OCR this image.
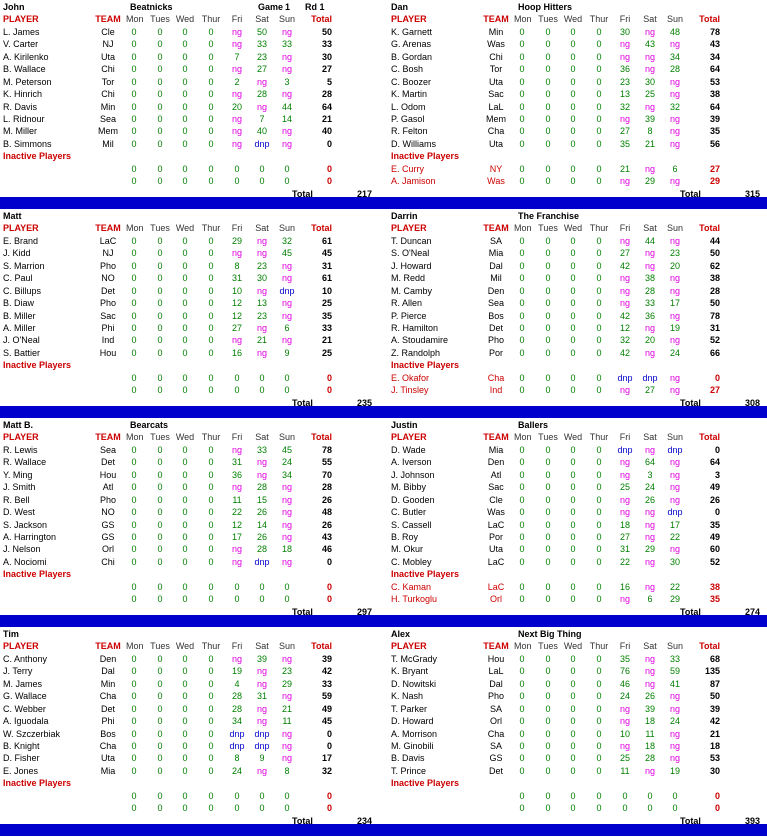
John	Beatnicks	Game 1 Rd 1
PLAYER	TEAM Mon Tues Wed Thur	Fri	Sat	Sun	Total
L. James	Cle	0	0	0	0	ng	50	ng	50
V. Carter	NJ	0	0	0	0	ng	33	33	33
A. Kirilenko	Uta	0	0	0	0	7	23	ng	30
B. Wallace	Chi	0	0	0	0	ng	27	ng	27
M. Peterson	Tor	0	0	0	0	2	ng	3	5
K. Hinrich	Chi	0	0	0	0	ng	28	ng	28
R. Davis	Min	0	0	0	0	20	ng	44	64
L. Ridnour	Sea	0	0	0	0	ng	7	14	21
M. Miller	Mem	0	0	0	0	ng	40	ng	40
B. Simmons	Mil	0	0	0	0	ng	dnp	ng	0
Inactive Players
0	0	0	0	0	0	0	0
0	0	0	0	0	0	0	0
Total	217
Dan	Hoop Hitters
PLAYER	TEAM Mon Tues Wed Thur	Fri	Sat	Sun	Total
K. Garnett	Min	0	0	0	0	30	ng	48	78
G. Arenas	Was	0	0	0	0	ng	43	ng	43
B. Gordan	Chi	0	0	0	0	ng	ng	34	34
C. Bosh	Tor	0	0	0	0	36	ng	28	64
C. Boozer	Uta	0	0	0	0	23	30	ng	53
K. Martin	Sac	0	0	0	0	13	25	ng	38
L. Odom	LaL	0	0	0	0	32	ng	32	64
P. Gasol	Mem	0	0	0	0	ng	39	ng	39
R. Felton	Cha	0	0	0	0	27	8	ng	35
D. Williams	Uta	0	0	0	0	35	21	ng	56
Inactive Players
E. Curry	NY	0	0	0	0	21	ng	6	27
A. Jamison	Was	0	0	0	0	ng	29	ng	29
Total	315
Matt
PLAYER	TEAM Mon Tues Wed Thur	Fri	Sat	Sun	Total
E. Brand	LaC	0	0	0	0	29	ng	32	61
J. Kidd	NJ	0	0	0	0	ng	ng	45	45
S. Marrion	Pho	0	0	0	0	8	23	ng	31
C. Paul	NO	0	0	0	0	31	30	ng	61
C. Billups	Det	0	0	0	0	10	ng	dnp	10
B. Diaw	Pho	0	0	0	0	12	13	ng	25
B. Miller	Sac	0	0	0	0	12	23	ng	35
A. Miller	Phi	0	0	0	0	27	ng	6	33
J. O'Neal	Ind	0	0	0	0	ng	21	ng	21
S. Battier	Hou	0	0	0	0	16	ng	9	25
Inactive Players
0	0	0	0	0	0	0	0
0	0	0	0	0	0	0	0
Total	235
Darrin	The Franchise
PLAYER	TEAM Mon Tues Wed Thur	Fri	Sat	Sun	Total
T. Duncan	SA	0	0	0	0	ng	44	ng	44
S. O'Neal	Mia	0	0	0	0	27	ng	23	50
J. Howard	Dal	0	0	0	0	42	ng	20	62
M. Redd	Mil	0	0	0	0	ng	38	ng	38
M. Camby	Den	0	0	0	0	ng	28	ng	28
R. Allen	Sea	0	0	0	0	ng	33	17	50
P. Pierce	Bos	0	0	0	0	42	36	ng	78
R. Hamilton	Det	0	0	0	0	12	ng	19	31
A. Stoudamire	Pho	0	0	0	0	32	20	ng	52
Z. Randolph	Por	0	0	0	0	42	ng	24	66
Inactive Players
E. Okafor	Cha	0	0	0	0	dnp	dnp	ng	0
J. Tinsley	Ind	0	0	0	0	ng	27	ng	27
Total	308
Matt B.	Bearcats
PLAYER	TEAM Mon Tues Wed Thur	Fri	Sat	Sun	Total
R. Lewis	Sea	0	0	0	0	ng	33	45	78
R. Wallace	Det	0	0	0	0	31	ng	24	55
Y. Ming	Hou	0	0	0	0	36	ng	34	70
J. Smith	Atl	0	0	0	0	ng	28	ng	28
R. Bell	Pho	0	0	0	0	11	15	ng	26
D. West	NO	0	0	0	0	22	26	ng	48
S. Jackson	GS	0	0	0	0	12	14	ng	26
A. Harrington	GS	0	0	0	0	17	26	ng	43
J. Nelson	Orl	0	0	0	0	ng	28	18	46
A. Nociomi	Chi	0	0	0	0	ng	dnp	ng	0
Inactive Players
0	0	0	0	0	0	0	0
0	0	0	0	0	0	0	0
Total	297
Justin	Ballers
PLAYER	TEAM Mon Tues Wed Thur	Fri	Sat	Sun	Total
D. Wade	Mia	0	0	0	0	dnp	ng	dnp	0
A. Iverson	Den	0	0	0	0	ng	64	ng	64
J. Johnson	Atl	0	0	0	0	ng	3	ng	3
M. Bibby	Sac	0	0	0	0	25	24	ng	49
D. Gooden	Cle	0	0	0	0	ng	26	ng	26
C. Butler	Was	0	0	0	0	ng	ng	dnp	0
S. Cassell	LaC	0	0	0	0	18	ng	17	35
B. Roy	Por	0	0	0	0	27	ng	22	49
M. Okur	Uta	0	0	0	0	31	29	ng	60
C. Mobley	LaC	0	0	0	0	22	ng	30	52
Inactive Players
C. Kaman	LaC	0	0	0	0	16	ng	22	38
H. Turkoglu	Orl	0	0	0	0	ng	6	29	35
Total	274
Tim
PLAYER	TEAM Mon Tues Wed Thur	Fri	Sat	Sun	Total
C. Anthony	Den	0	0	0	0	ng	39	ng	39
J. Terry	Dal	0	0	0	0	19	ng	23	42
M. James	Min	0	0	0	0	4	ng	29	33
G. Wallace	Cha	0	0	0	0	28	31	ng	59
C. Webber	Det	0	0	0	0	28	ng	21	49
A. Iguodala	Phi	0	0	0	0	34	ng	11	45
W. Szczerbiak	Bos	0	0	0	0	dnp	dnp	ng	0
B. Knight	Cha	0	0	0	0	dnp	dnp	ng	0
D. Fisher	Uta	0	0	0	0	8	9	ng	17
E. Jones	Mia	0	0	0	0	24	ng	8	32
Inactive Players
0	0	0	0	0	0	0	0
0	0	0	0	0	0	0	0
Total	234
Alex	Next Big Thing
PLAYER	TEAM Mon Tues Wed Thur	Fri	Sat	Sun	Total
T. McGrady	Hou	0	0	0	0	35	ng	33	68
K. Bryant	LaL	0	0	0	0	76	ng	59	135
D. Nowitski	Dal	0	0	0	0	46	ng	41	87
K. Nash	Pho	0	0	0	0	24	26	ng	50
T. Parker	SA	0	0	0	0	ng	39	ng	39
D. Howard	Orl	0	0	0	0	ng	18	24	42
A. Morrison	Cha	0	0	0	0	10	11	ng	21
M. Ginobili	SA	0	0	0	0	ng	18	ng	18
B. Davis	GS	0	0	0	0	25	28	ng	53
T. Prince	Det	0	0	0	0	11	ng	19	30
Inactive Players
0	0	0	0	0	0	0	0
0	0	0	0	0	0	0	0
Total	393
